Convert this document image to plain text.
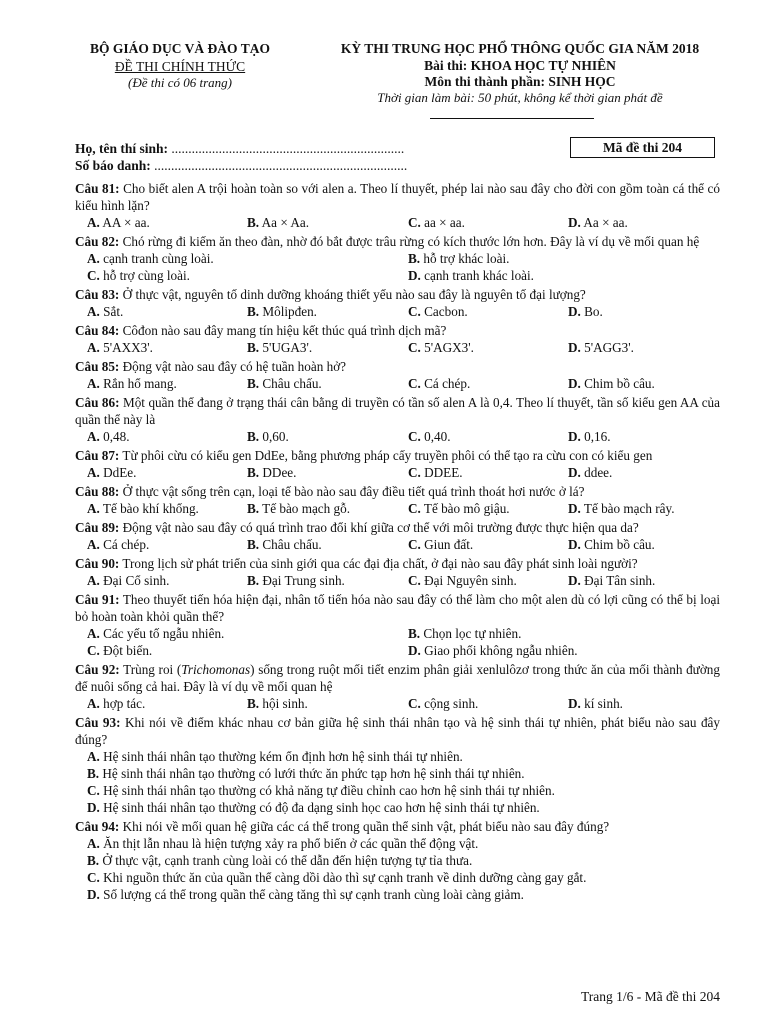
BỘ GIÁO DỤC VÀ ĐÀO TẠO
ĐỀ THI CHÍNH THỨC
(Đề thi có 06 trang)
KỲ THI TRUNG HỌC PHỔ THÔNG QUỐC GIA NĂM 2018
Bài thi: KHOA HỌC TỰ NHIÊN
Môn thi thành phần: SINH HỌC
Thời gian làm bài: 50 phút, không kể thời gian phát đề
Họ, tên thí sinh: .....................................................................
Số báo danh: ...........................................................................
Mã đề thi 204
Câu 81: Cho biết alen A trội hoàn toàn so với alen a. Theo lí thuyết, phép lai nào sau đây cho đời con gồm toàn cá thể có kiểu hình lặn?
A. AA × aa.	B. Aa × Aa.	C. aa × aa.	D. Aa × aa.
Câu 82: Chó rừng đi kiếm ăn theo đàn, nhờ đó bắt được trâu rừng có kích thước lớn hơn. Đây là ví dụ về mối quan hệ
A. cạnh tranh cùng loài.	B. hỗ trợ khác loài.
C. hỗ trợ cùng loài.	D. cạnh tranh khác loài.
Câu 83: Ở thực vật, nguyên tố dinh dưỡng khoáng thiết yếu nào sau đây là nguyên tố đại lượng?
A. Sắt.	B. Môlipđen.	C. Cacbon.	D. Bo.
Câu 84: Côđon nào sau đây mang tín hiệu kết thúc quá trình dịch mã?
A. 5'AXX3'.	B. 5'UGA3'.	C. 5'AGX3'.	D. 5'AGG3'.
Câu 85: Động vật nào sau đây có hệ tuần hoàn hở?
A. Rắn hổ mang.	B. Châu chấu.	C. Cá chép.	D. Chim bồ câu.
Câu 86: Một quần thể đang ở trạng thái cân bằng di truyền có tần số alen A là 0,4. Theo lí thuyết, tần số kiểu gen AA của quần thể này là
A. 0,48.	B. 0,60.	C. 0,40.	D. 0,16.
Câu 87: Từ phôi cừu có kiểu gen DdEe, bằng phương pháp cấy truyền phôi có thể tạo ra cừu con có kiểu gen
A. DdEe.	B. DDee.	C. DDEE.	D. ddee.
Câu 88: Ở thực vật sống trên cạn, loại tế bào nào sau đây điều tiết quá trình thoát hơi nước ở lá?
A. Tế bào khí khổng.	B. Tế bào mạch gỗ.	C. Tế bào mô giậu.	D. Tế bào mạch rây.
Câu 89: Động vật nào sau đây có quá trình trao đổi khí giữa cơ thể với môi trường được thực hiện qua da?
A. Cá chép.	B. Châu chấu.	C. Giun đất.	D. Chim bồ câu.
Câu 90: Trong lịch sử phát triển của sinh giới qua các đại địa chất, ở đại nào sau đây phát sinh loài người?
A. Đại Cổ sinh.	B. Đại Trung sinh.	C. Đại Nguyên sinh.	D. Đại Tân sinh.
Câu 91: Theo thuyết tiến hóa hiện đại, nhân tố tiến hóa nào sau đây có thể làm cho một alen dù có lợi cũng có thể bị loại bỏ hoàn toàn khỏi quần thể?
A. Các yếu tố ngẫu nhiên.	B. Chọn lọc tự nhiên.
C. Đột biến.	D. Giao phối không ngẫu nhiên.
Câu 92: Trùng roi (Trichomonas) sống trong ruột mối tiết enzim phân giải xenlulôzơ trong thức ăn của mối thành đường để nuôi sống cả hai. Đây là ví dụ về mối quan hệ
A. hợp tác.	B. hội sinh.	C. cộng sinh.	D. kí sinh.
Câu 93: Khi nói về điểm khác nhau cơ bản giữa hệ sinh thái nhân tạo và hệ sinh thái tự nhiên, phát biểu nào sau đây đúng?
A. Hệ sinh thái nhân tạo thường kém ổn định hơn hệ sinh thái tự nhiên.
B. Hệ sinh thái nhân tạo thường có lưới thức ăn phức tạp hơn hệ sinh thái tự nhiên.
C. Hệ sinh thái nhân tạo thường có khả năng tự điều chỉnh cao hơn hệ sinh thái tự nhiên.
D. Hệ sinh thái nhân tạo thường có độ đa dạng sinh học cao hơn hệ sinh thái tự nhiên.
Câu 94: Khi nói về mối quan hệ giữa các cá thể trong quần thể sinh vật, phát biểu nào sau đây đúng?
A. Ăn thịt lẫn nhau là hiện tượng xảy ra phổ biến ở các quần thể động vật.
B. Ở thực vật, cạnh tranh cùng loài có thể dẫn đến hiện tượng tự tỉa thưa.
C. Khi nguồn thức ăn của quần thể càng dồi dào thì sự cạnh tranh về dinh dưỡng càng gay gắt.
D. Số lượng cá thể trong quần thể càng tăng thì sự cạnh tranh cùng loài càng giảm.
Trang 1/6 - Mã đề thi 204
